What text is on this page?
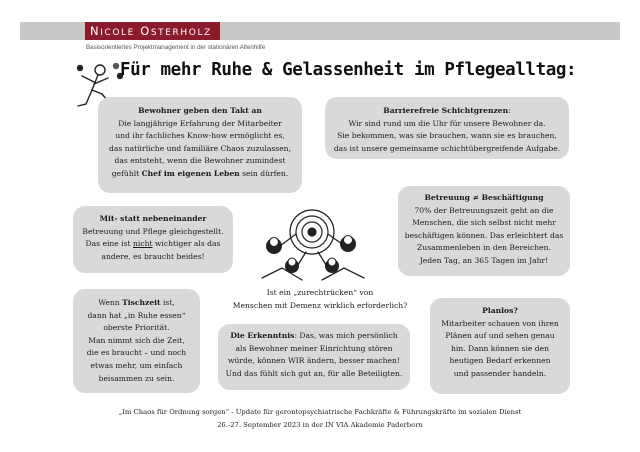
NICOLE OSTERHOLZ
Basisorientiertes Projektmanagement in der stationären Altenhilfe
Für mehr Ruhe & Gelassenheit im Pflegealltag:
Bewohner geben den Takt an
Die langjährige Erfahrung der Mitarbeiter
und ihr fachliches Know-how ermöglicht es,
das natürliche und familiäre Chaos zuzulassen,
das entsteht, wenn die Bewohner zumindest
gefühlt Chef im eigenen Leben sein dürfen.
Barrierefreie Schichtgrenzen:
Wir sind rund um die Uhr für unsere Bewohner da.
Sie bekommen, was sie brauchen, wann sie es brauchen,
das ist unsere gemeinsame schichtübergreifende Aufgabe.
Mit- statt nebeneinander
Betreuung und Pflege gleichgestellt.
Das eine ist nicht wichtiger als das
andere, es braucht beides!
Betreuung ≠ Beschäftigung
70% der Betreuungszeit geht an die
Menschen, die sich selbst nicht mehr
beschäftigen können. Das erleichtert das
Zusammenleben in den Bereichen.
Jeden Tag, an 365 Tagen im Jahr!
Ist ein „zurechtrücken“ von
Menschen mit Demenz wirklich erforderlich?
Wenn Tischzeit ist,
dann hat „in Ruhe essen“
oberste Priorität.
Man nimmt sich die Zeit,
die es braucht – und noch
etwas mehr, um einfach
beisammen zu sein.
Die Erkenntnis: Das, was mich persönlich
als Bewohner meiner Einrichtung stören
würde, können WIR ändern, besser machen!
Und das fühlt sich gut an, für alle Beteiligten.
Planlos?
Mitarbeiter schauen von ihren
Plänen auf und sehen genau
hin. Dann können sie den
heutigen Bedarf erkennen
und passender handeln.
„Im Chaos für Ordnung sorgen“ - Update für gerontopsychiatrische Fachkräfte & Führungskräfte im sozialen Dienst
26.-27. September 2023 in der IN VIA Akademie Paderborn
